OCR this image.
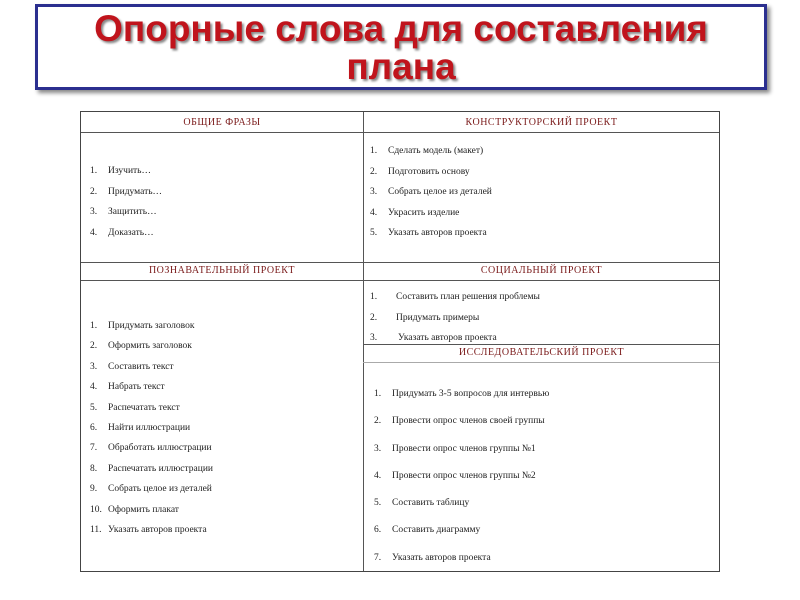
Опорные слова для составления плана
ОБЩИЕ ФРАЗЫ	КОНСТРУКТОРСКИЙ ПРОЕКТ
ПОЗНАВАТЕЛЬНЫЙ ПРОЕКТ	СОЦИАЛЬНЫЙ ПРОЕКТ
ИССЛЕДОВАТЕЛЬСКИЙ ПРОЕКТ
1. Изучить…
2. Придумать…
3. Защитить…
4. Доказать…
1. Сделать модель (макет)
2. Подготовить основу
3. Собрать целое из деталей
4. Украсить изделие
5. Указать авторов проекта
1. Придумать заголовок
2. Оформить заголовок
3. Составить текст
4. Набрать текст
5. Распечатать текст
6. Найти иллюстрации
7. Обработать иллюстрации
8. Распечатать иллюстрации
9. Собрать целое из деталей
10. Оформить плакат
11. Указать авторов проекта
1. Составить план решения проблемы
2. Придумать примеры
3. Указать авторов проекта
1. Придумать 3-5 вопросов для интервью
2. Провести опрос членов своей группы
3. Провести опрос членов группы №1
4. Провести опрос членов группы №2
5. Составить таблицу
6. Составить диаграмму
7. Указать авторов проекта
